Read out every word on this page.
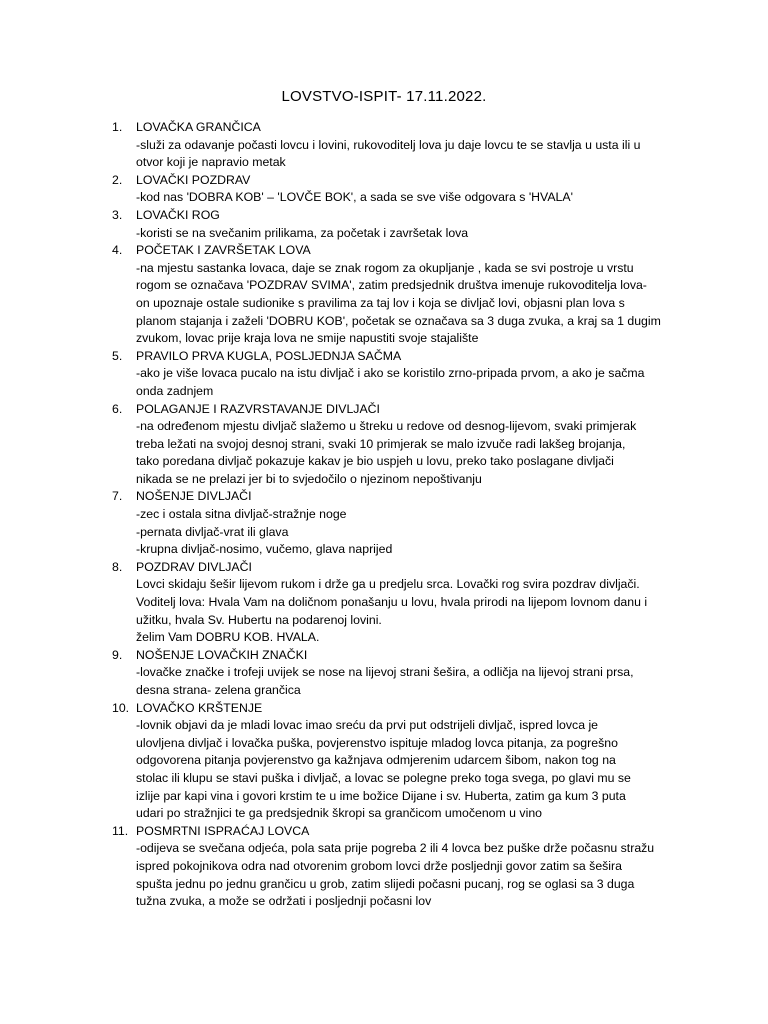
LOVSTVO-ISPIT- 17.11.2022.
1.	LOVAČKA GRANČICA
-služi za odavanje počasti lovcu i lovini, rukovoditelj lova ju daje lovcu te se stavlja u usta ili u
otvor koji je napravio metak
2.	LOVAČKI POZDRAV
-kod nas 'DOBRA KOB' – 'LOVČE BOK', a sada se sve više odgovara s 'HVALA'
3.	LOVAČKI ROG
-koristi se na svečanim prilikama, za početak i završetak lova
4.	POČETAK I ZAVRŠETAK LOVA
-na mjestu sastanka lovaca, daje se znak rogom za okupljanje , kada se svi postroje u vrstu
rogom se označava 'POZDRAV SVIMA', zatim predsjednik društva imenuje rukovoditelja lova-
on upoznaje ostale sudionike s pravilima za taj lov i koja se divljač lovi, objasni plan lova s
planom stajanja i zaželi 'DOBRU KOB', početak se označava sa 3 duga zvuka, a kraj sa 1 dugim
zvukom, lovac prije kraja lova ne smije napustiti svoje stajalište
5.	PRAVILO PRVA KUGLA, POSLJEDNJA SAČMA
-ako je više lovaca pucalo na istu divljač i ako se koristilo zrno-pripada prvom, a ako je sačma
onda zadnjem
6.	POLAGANJE I RAZVRSTAVANJE DIVLJAČI
-na određenom mjestu divljač slažemo u štreku u redove od desnog-lijevom, svaki primjerak
treba ležati na svojoj desnoj strani, svaki 10 primjerak se malo izvuče radi lakšeg brojanja,
tako poredana divljač pokazuje kakav je bio uspjeh u lovu, preko tako poslagane divljači
nikada se ne prelazi jer bi to svjedočilo o njezinom nepoštivanju
7.	NOŠENJE DIVLJAČI
-zec i ostala sitna divljač-stražnje noge
-pernata divljač-vrat ili glava
-krupna divljač-nosimo, vučemo, glava naprijed
8.	POZDRAV DIVLJAČI
Lovci skidaju šešir lijevom rukom i drže ga u predjelu srca. Lovački rog svira pozdrav divljači.
Voditelj lova: Hvala Vam na doličnom ponašanju u lovu, hvala prirodi na lijepom lovnom danu i
užitku, hvala Sv. Hubertu na podarenoj lovini.
želim Vam DOBRU KOB. HVALA.
9.	NOŠENJE LOVAČKIH ZNAČKI
-lovačke značke i trofeji uvijek se nose na lijevoj strani šešira, a odličja na lijevoj strani prsa,
desna strana- zelena grančica
10. LOVAČKO KRŠTENJE
-lovnik objavi da je mladi lovac imao sreću da prvi put odstrijeli divljač, ispred lovca je
ulovljena divljač i lovačka puška, povjerenstvo ispituje mladog lovca pitanja, za pogrešno
odgovorena pitanja povjerenstvo ga kažnjava odmjerenim udarcem šibom, nakon tog na
stolac ili klupu se stavi puška i divljač, a lovac se polegne preko toga svega, po glavi mu se
izlije par kapi vina i govori krstim te u ime božice Dijane i sv. Huberta, zatim ga kum 3 puta
udari po stražnjici te ga predsjednik škropi sa grančicom umočenom u vino
11. POSMRTNI ISPRAĆAJ LOVCA
-odijeva se svečana odjeća, pola sata prije pogreba 2 ili 4 lovca bez puške drže počasnu stražu
ispred pokojnikova odra nad otvorenim grobom lovci drže posljednji govor zatim sa šešira
spušta jednu po jednu grančicu u grob, zatim slijedi počasni pucanj, rog se oglasi sa 3 duga
tužna zvuka, a može se održati i posljednji počasni lov
